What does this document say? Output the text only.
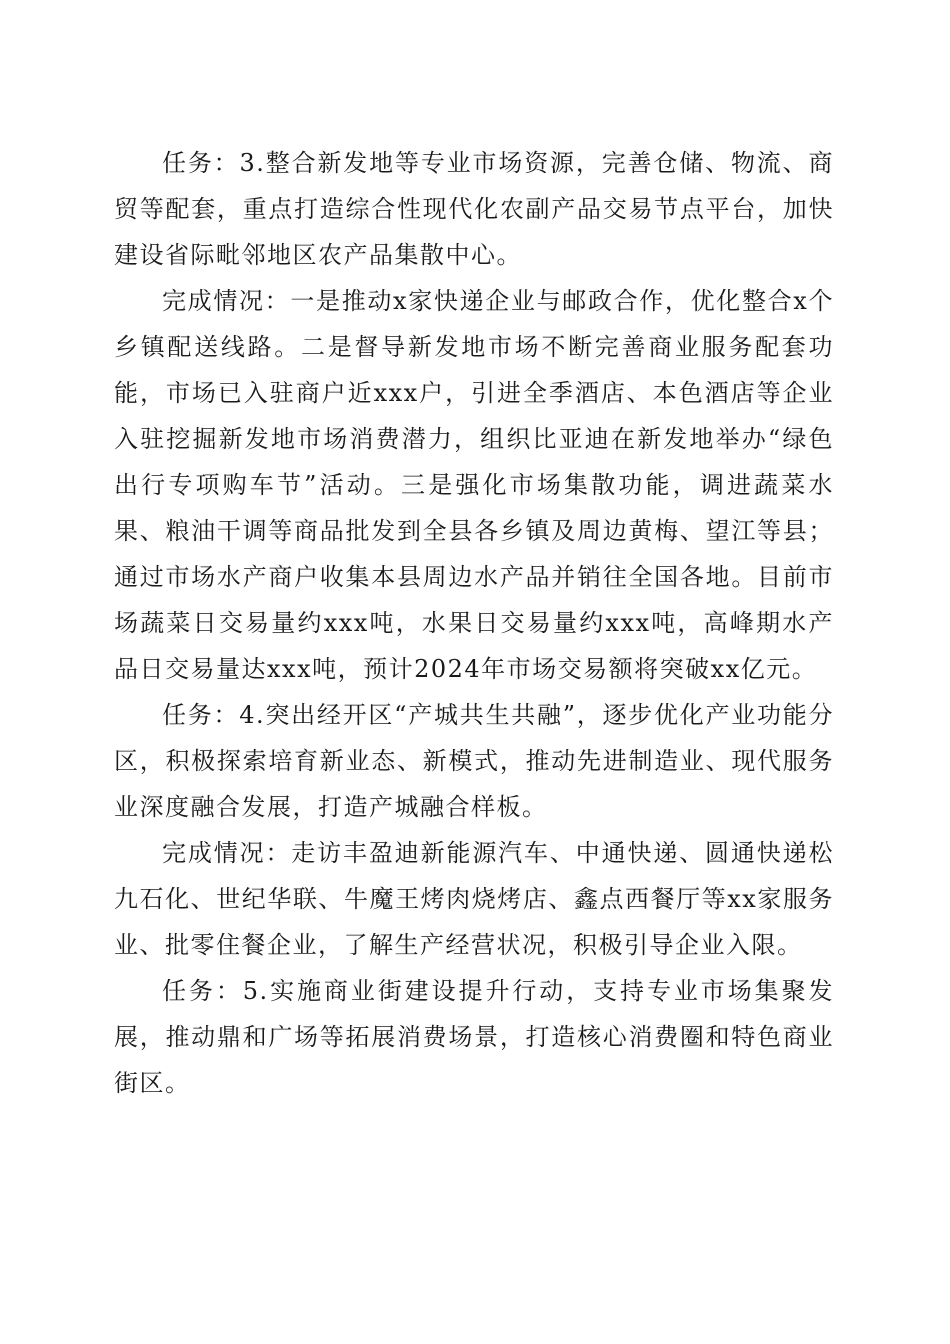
任务：3.整合新发地等专业市场资源，完善仓储、物流、商贸等配套，重点打造综合性现代化农副产品交易节点平台，加快建设省际毗邻地区农产品集散中心。

完成情况：一是推动x家快递企业与邮政合作，优化整合x个乡镇配送线路。二是督导新发地市场不断完善商业服务配套功能，市场已入驻商户近xxx户，引进全季酒店、本色酒店等企业入驻挖掘新发地市场消费潜力，组织比亚迪在新发地举办“绿色出行专项购车节”活动。三是强化市场集散功能，调进蔬菜水果、粮油干调等商品批发到全县各乡镇及周边黄梅、望江等县；通过市场水产商户收集本县周边水产品并销往全国各地。目前市场蔬菜日交易量约xxx吨，水果日交易量约xxx吨，高峰期水产品日交易量达xxx吨，预计2024年市场交易额将突破xx亿元。

任务：4.突出经开区“产城共生共融”，逐步优化产业功能分区，积极探索培育新业态、新模式，推动先进制造业、现代服务业深度融合发展，打造产城融合样板。

完成情况：走访丰盈迪新能源汽车、中通快递、圆通快递松九石化、世纪华联、牛魔王烤肉烧烤店、鑫点西餐厅等xx家服务业、批零住餐企业，了解生产经营状况，积极引导企业入限。

任务：5.实施商业街建设提升行动，支持专业市场集聚发展，推动鼎和广场等拓展消费场景，打造核心消费圈和特色商业街区。
